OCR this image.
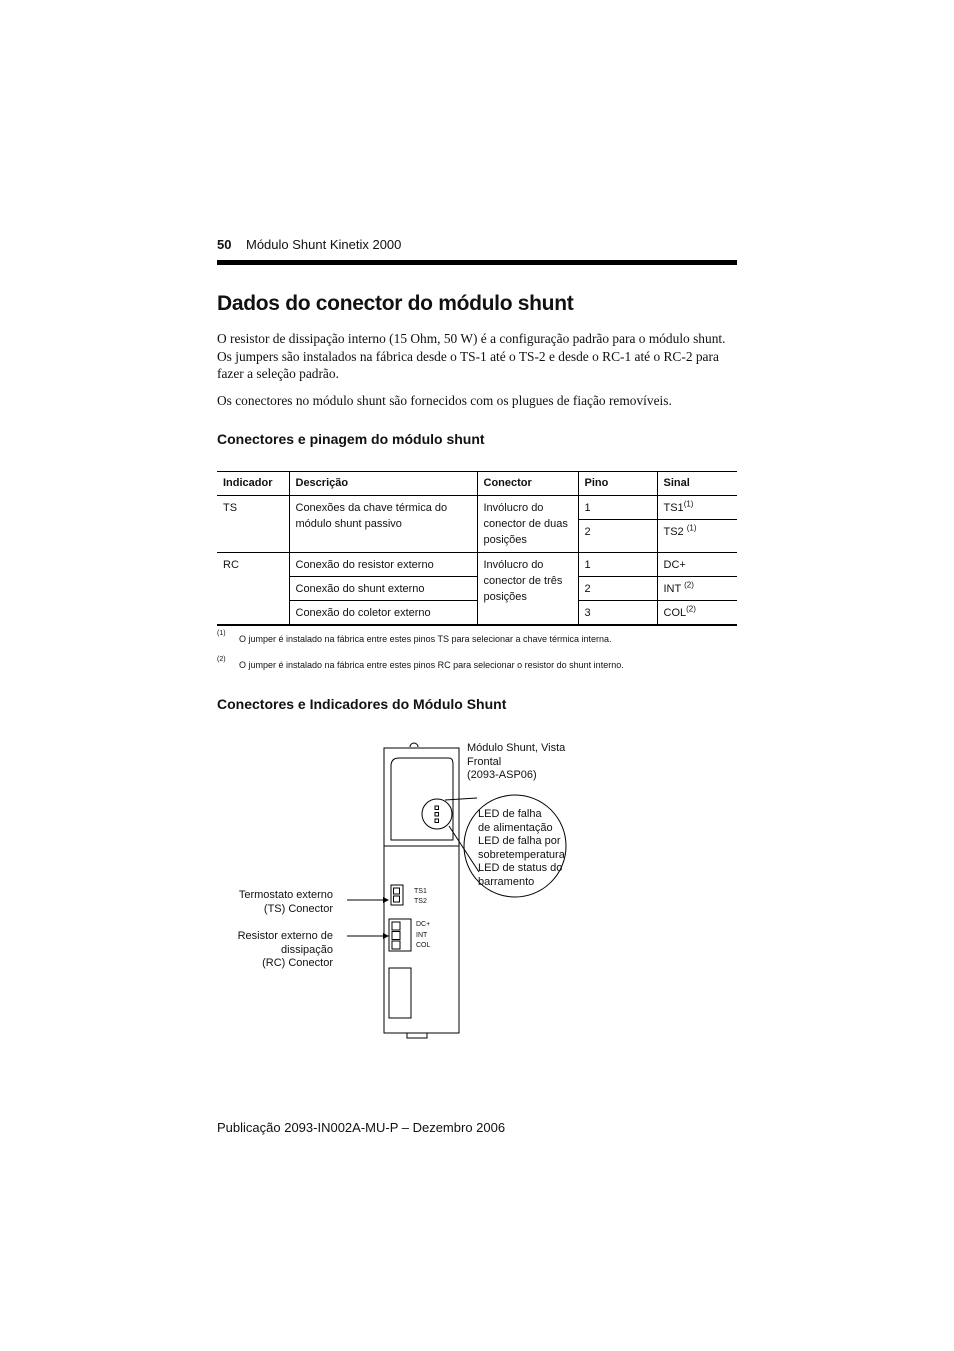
50 Módulo Shunt Kinetix 2000
Dados do conector do módulo shunt
O resistor de dissipação interno (15 Ohm, 50 W) é a configuração padrão para o módulo shunt. Os jumpers são instalados na fábrica desde o TS-1 até o TS-2 e desde o RC-1 até o RC-2 para fazer a seleção padrão.
Os conectores no módulo shunt são fornecidos com os plugues de fiação removíveis.
Conectores e pinagem do módulo shunt
Indicador	Descrição	Conector	Pino	Sinal
TS	Conexões da chave térmica do módulo shunt passivo	Invólucro do conector de duas posições	1	TS1$^{(1)}$
			2	TS2 $^{(1)}$
RC	Conexão do resistor externo	Invólucro do conector de três posições	1	DC+
	Conexão do shunt externo		2	INT $^{(2)}$
	Conexão do coletor externo		3	COL$^{(2)}$
(1)
O jumper é instalado na fábrica entre estes pinos TS para selecionar a chave térmica interna.
(2)
O jumper é instalado na fábrica entre estes pinos RC para selecionar o resistor do shunt interno.
Conectores e Indicadores do Módulo Shunt
TS1
TS2
DC+
INT
COL
Módulo Shunt, Vista
Frontal
(2093-ASP06)
LED de falha
de alimentação
LED de falha por
sobretemperatura
LED de status do
barramento
Termostato externo
(TS) Conector
Resistor externo de
dissipação
(RC) Conector
Publicação 2093-IN002A-MU-P – Dezembro 2006
